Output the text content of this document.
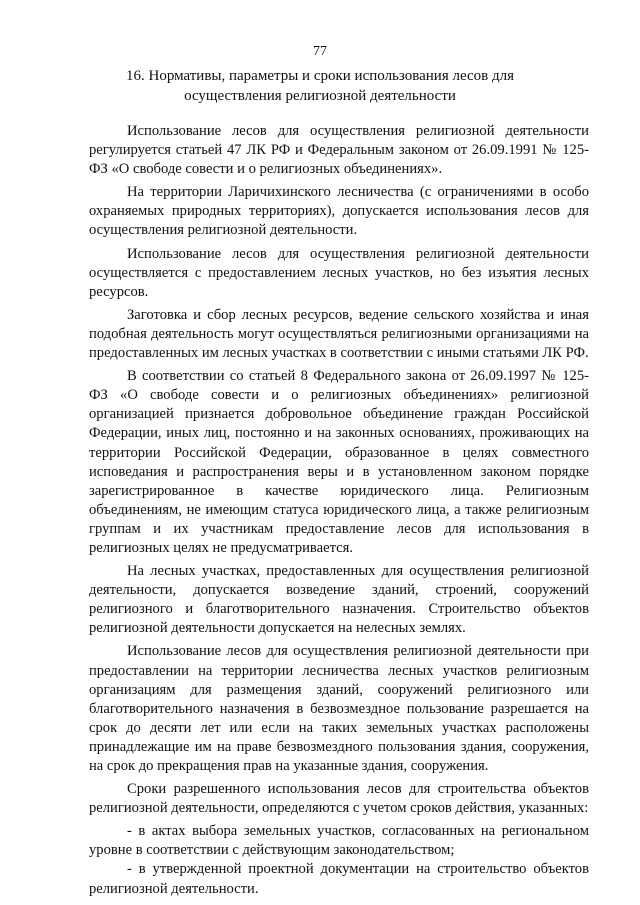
77
16. Нормативы, параметры и сроки использования лесов для осуществления религиозной деятельности

Использование лесов для осуществления религиозной деятельности регулируется статьей 47 ЛК РФ и Федеральным законом от 26.09.1991 № 125-ФЗ «О свободе совести и о религиозных объединениях».

На территории Ларичихинского лесничества (с ограничениями в особо охраняемых природных территориях), допускается использования лесов для осуществления религиозной деятельности.

Использование лесов для осуществления религиозной деятельности осуществляется с предоставлением лесных участков, но без изъятия лесных ресурсов.

Заготовка и сбор лесных ресурсов, ведение сельского хозяйства и иная подобная деятельность могут осуществляться религиозными организациями на предоставленных им лесных участках в соответствии с иными статьями ЛК РФ.

В соответствии со статьей 8 Федерального закона от 26.09.1997 № 125- ФЗ «О свободе совести и о религиозных объединениях» религиозной организацией признается добровольное объединение граждан Российской Федерации, иных лиц, постоянно и на законных основаниях, проживающих на территории Российской Федерации, образованное в целях совместного исповедания и распространения веры и в установленном законом порядке зарегистрированное в качестве юридического лица. Религиозным объединениям, не имеющим статуса юридического лица, а также религиозным группам и их участникам предоставление лесов для использования в религиозных целях не предусматривается.

На лесных участках, предоставленных для осуществления религиозной деятельности, допускается возведение зданий, строений, сооружений религиозного и благотворительного назначения. Строительство объектов религиозной деятельности допускается на нелесных землях.

Использование лесов для осуществления религиозной деятельности при предоставлении на территории лесничества лесных участков религиозным организациям для размещения зданий, сооружений религиозного или благотворительного назначения в безвозмездное пользование разрешается на срок до десяти лет или если на таких земельных участках расположены принадлежащие им на праве безвозмездного пользования здания, сооружения, на срок до прекращения прав на указанные здания, сооружения.

Сроки разрешенного использования лесов для строительства объектов религиозной деятельности, определяются с учетом сроков действия, указанных:

- в актах выбора земельных участков, согласованных на региональном уровне в соответствии с действующим законодательством;

- в утвержденной проектной документации на строительство объектов религиозной деятельности.
